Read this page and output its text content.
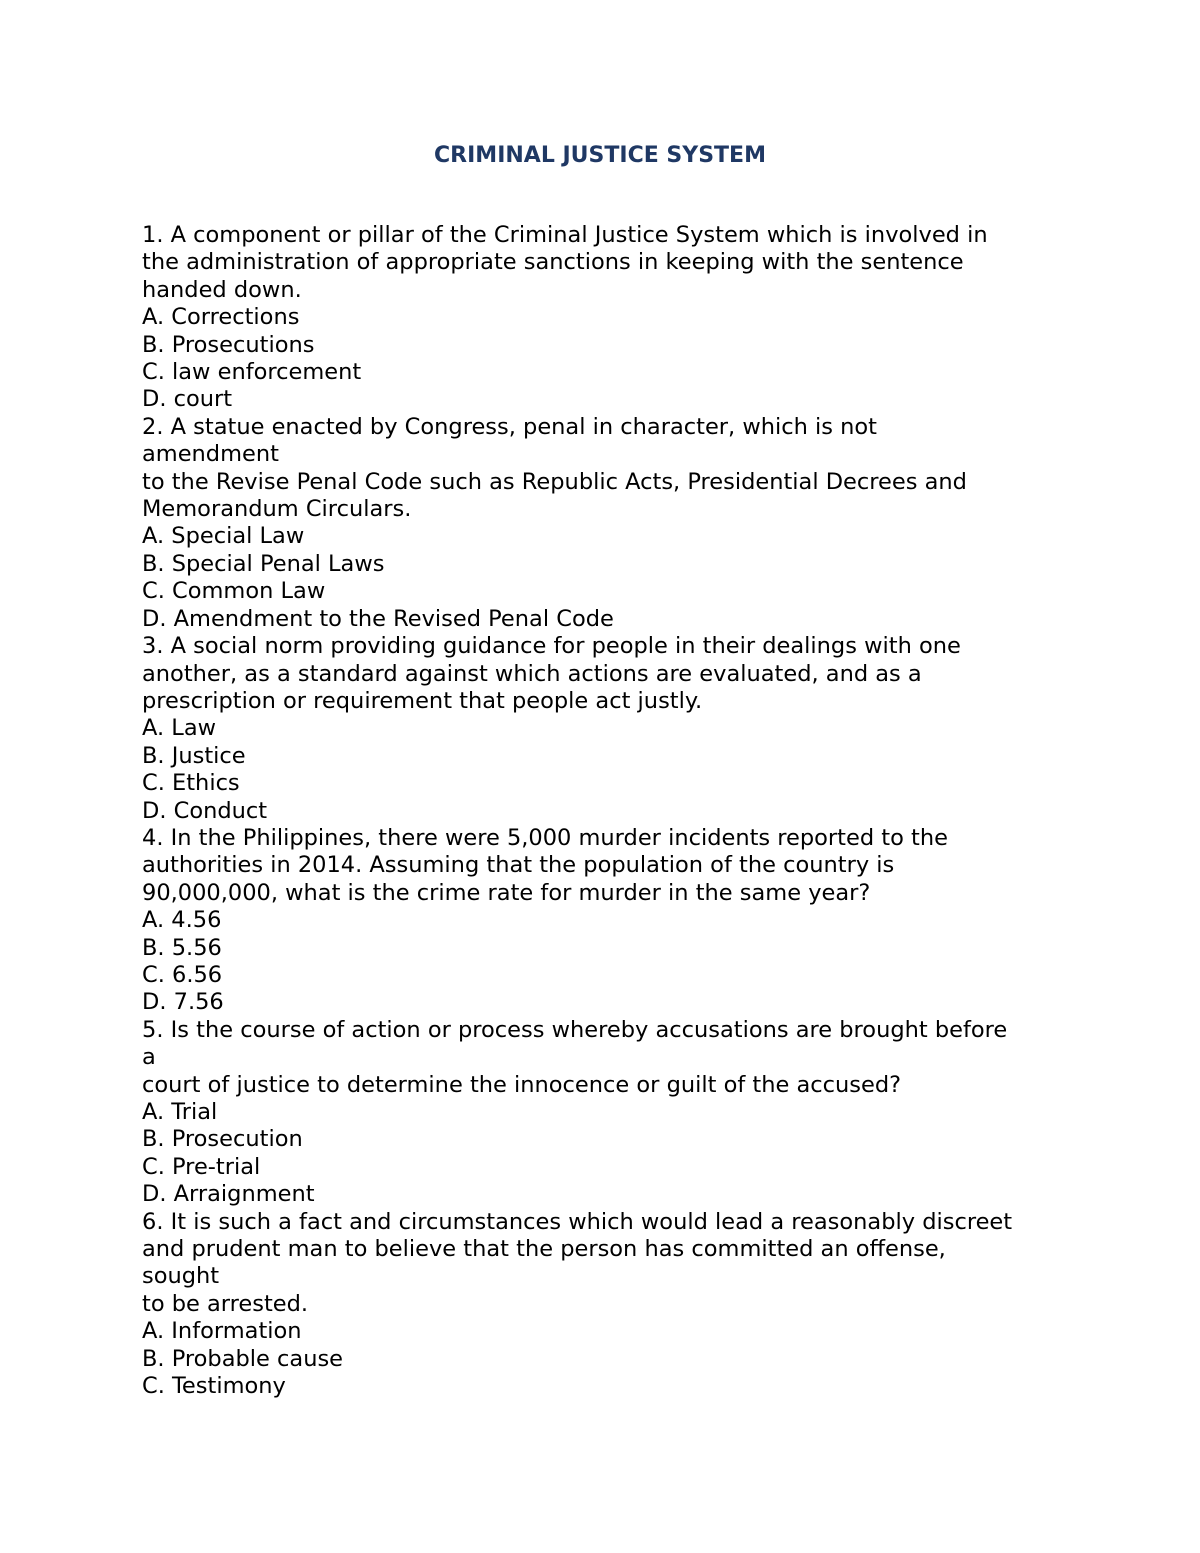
CRIMINAL JUSTICE SYSTEM
1. A component or pillar of the Criminal Justice System which is involved in
the administration of appropriate sanctions in keeping with the sentence
handed down.
A. Corrections
B. Prosecutions
C. law enforcement
D. court
2. A statue enacted by Congress, penal in character, which is not
amendment
to the Revise Penal Code such as Republic Acts, Presidential Decrees and
Memorandum Circulars.
A. Special Law
B. Special Penal Laws
C. Common Law
D. Amendment to the Revised Penal Code
3. A social norm providing guidance for people in their dealings with one
another, as a standard against which actions are evaluated, and as a
prescription or requirement that people act justly.
A. Law
B. Justice
C. Ethics
D. Conduct
4. In the Philippines, there were 5,000 murder incidents reported to the
authorities in 2014. Assuming that the population of the country is
90,000,000, what is the crime rate for murder in the same year?
A. 4.56
B. 5.56
C. 6.56
D. 7.56
5. Is the course of action or process whereby accusations are brought before
a
court of justice to determine the innocence or guilt of the accused?
A. Trial
B. Prosecution
C. Pre-trial
D. Arraignment
6. It is such a fact and circumstances which would lead a reasonably discreet
and prudent man to believe that the person has committed an offense,
sought
to be arrested.
A. Information
B. Probable cause
C. Testimony
